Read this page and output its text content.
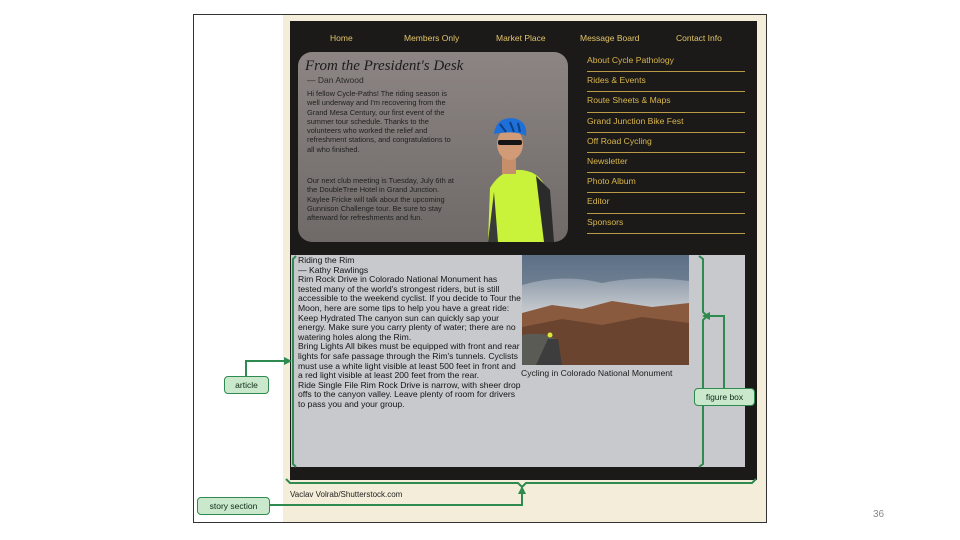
Home	Members Only	Market Place	Message Board	Contact Info
From the President's Desk
— Dan Atwood
Hi fellow Cycle-Paths! The riding season is well underway and I'm recovering from the Grand Mesa Century, our first event of the summer tour schedule. Thanks to the volunteers who worked the relief and refreshment stations, and congratulations to all who finished.
Our next club meeting is Tuesday, July 6th at the DoubleTree Hotel in Grand Junction. Kaylee Fricke will talk about the upcoming Gunnison Challenge tour. Be sure to stay afterward for refreshments and fun.
About Cycle Pathology
Rides & Events
Route Sheets & Maps
Grand Junction Bike Fest
Off Road Cycling
Newsletter
Photo Album
Editor
Sponsors
Riding the Rim
— Kathy Rawlings
Rim Rock Drive in Colorado National Monument has tested many of the world's strongest riders, but is still accessible to the weekend cyclist. If you decide to Tour the Moon, here are some tips to help you have a great ride:
Keep Hydrated The canyon sun can quickly sap your energy. Make sure you carry plenty of water; there are no watering holes along the Rim.
Bring Lights All bikes must be equipped with front and rear lights for safe passage through the Rim's tunnels. Cyclists must use a white light visible at least 500 feet in front and a red light visible at least 200 feet from the rear.
Ride Single File Rim Rock Drive is narrow, with sheer drop offs to the canyon valley. Leave plenty of room for drivers to pass you and your group.
Cycling in Colorado National Monument
Vaclav Volrab/Shutterstock.com
article
figure box
story section
36
